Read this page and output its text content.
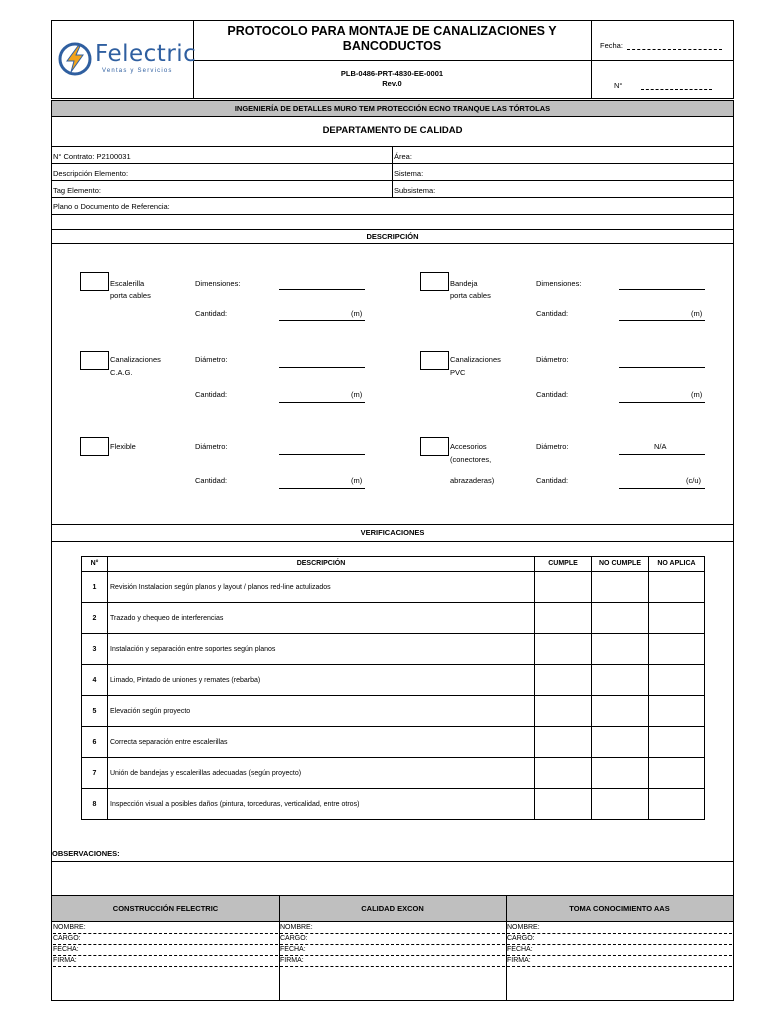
Felectric
Ventas y Servicios
PROTOCOLO PARA MONTAJE DE CANALIZACIONES Y
BANCODUCTOS
PLB-0486-PRT-4830-EE-0001
Rev.0
Fecha:
N°
INGENIERÍA DE DETALLES MURO TEM PROTECCIÓN ECNO TRANQUE LAS TÓRTOLAS
DEPARTAMENTO DE CALIDAD
N° Contrato: P2100031
Descripción Elemento:
Tag Elemento:
Plano o Documento de Referencia:
Área:
Sistema:
Subsistema:
DESCRIPCIÓN
Escalerilla
porta cables
Dimensiones:
Cantidad:	(m)
Canalizaciones
C.A.G.
Diámetro:
Cantidad:	(m)
Flexible	Diámetro:
Cantidad:	(m)
Bandeja
porta cables
Dimensiones:
Cantidad:	(m)
Canalizaciones
PVC
Diámetro:
Cantidad:	(m)
Accesorios
(conectores,
abrazaderas)
Diámetro:	N/A
Cantidad:	(c/u)
VERIFICACIONES
N°	DESCRIPCIÓN	CUMPLE	NO CUMPLE	NO APLICA
1	Revisión Instalacion según planos y layout / planos red-line actulizados
2	Trazado y chequeo de interferencias
3	Instalación y separación entre soportes según planos
4	Limado, Pintado de uniones y remates (rebarba)
5	Elevación según proyecto
6	Correcta separación entre escalerillas
7	Unión de bandejas y escalerillas adecuadas (según proyecto)
8	Inspección visual a posibles daños (pintura, torceduras, verticalidad, entre otros)
OBSERVACIONES:
CONSTRUCCIÓN FELECTRIC
NOMBRE:
CARGO:
FECHA:
FIRMA:
CALIDAD EXCON
NOMBRE:
CARGO:
FECHA:
FIRMA:
TOMA CONOCIMIENTO AAS
NOMBRE:
CARGO:
FECHA:
FIRMA:
